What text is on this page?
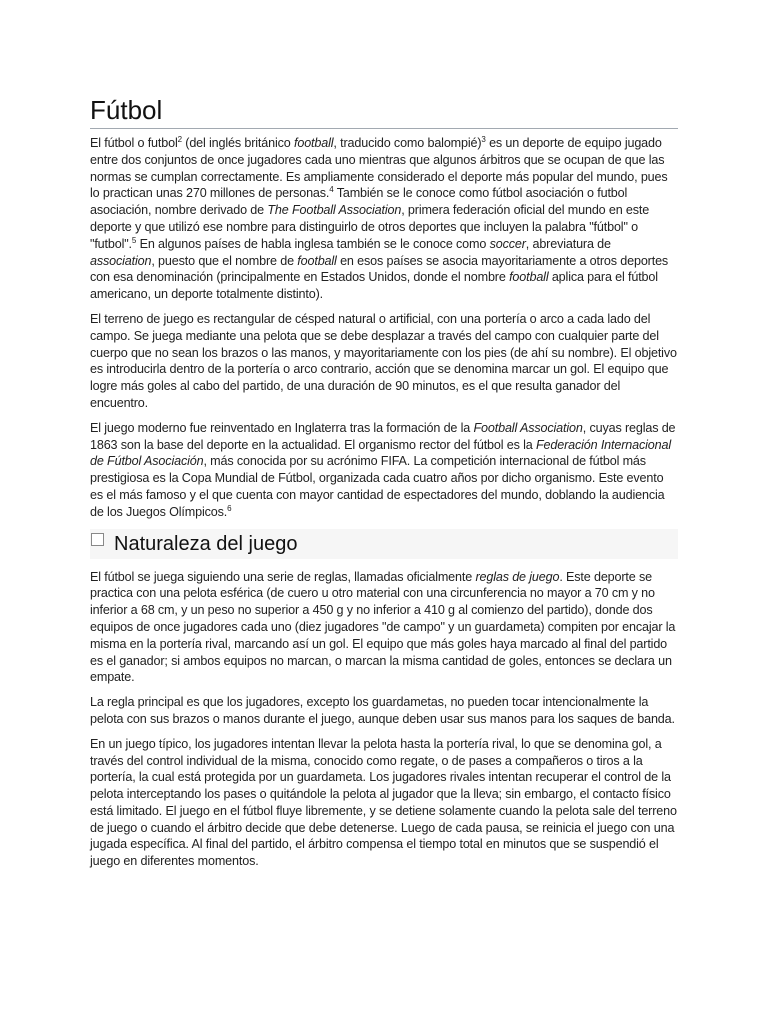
Fútbol

El fútbol o futbol$^2$ (del inglés británico football, traducido como balompié)$^3$ es un deporte de equipo jugado entre dos conjuntos de once jugadores cada uno mientras que algunos árbitros que se ocupan de que las normas se cumplan correctamente. Es ampliamente considerado el deporte más popular del mundo, pues lo practican unas 270 millones de personas.$^4$ También se le conoce como fútbol asociación o futbol asociación, nombre derivado de The Football Association, primera federación oficial del mundo en este deporte y que utilizó ese nombre para distinguirlo de otros deportes que incluyen la palabra "fútbol" o "futbol".$^5$ En algunos países de habla inglesa también se le conoce como soccer, abreviatura de association, puesto que el nombre de football en esos países se asocia mayoritariamente a otros deportes con esa denominación (principalmente en Estados Unidos, donde el nombre football aplica para el fútbol americano, un deporte totalmente distinto).

El terreno de juego es rectangular de césped natural o artificial, con una portería o arco a cada lado del campo. Se juega mediante una pelota que se debe desplazar a través del campo con cualquier parte del cuerpo que no sean los brazos o las manos, y mayoritariamente con los pies (de ahí su nombre). El objetivo es introducirla dentro de la portería o arco contrario, acción que se denomina marcar un gol. El equipo que logre más goles al cabo del partido, de una duración de 90 minutos, es el que resulta ganador del encuentro.

El juego moderno fue reinventado en Inglaterra tras la formación de la Football Association, cuyas reglas de 1863 son la base del deporte en la actualidad. El organismo rector del fútbol es la Federación Internacional de Fútbol Asociación, más conocida por su acrónimo FIFA. La competición internacional de fútbol más prestigiosa es la Copa Mundial de Fútbol, organizada cada cuatro años por dicho organismo. Este evento es el más famoso y el que cuenta con mayor cantidad de espectadores del mundo, doblando la audiencia de los Juegos Olímpicos.$^6$

Naturaleza del juego

El fútbol se juega siguiendo una serie de reglas, llamadas oficialmente reglas de juego. Este deporte se practica con una pelota esférica (de cuero u otro material con una circunferencia no mayor a 70 cm y no inferior a 68 cm, y un peso no superior a 450 g y no inferior a 410 g al comienzo del partido), donde dos equipos de once jugadores cada uno (diez jugadores "de campo" y un guardameta) compiten por encajar la misma en la portería rival, marcando así un gol. El equipo que más goles haya marcado al final del partido es el ganador; si ambos equipos no marcan, o marcan la misma cantidad de goles, entonces se declara un empate.

La regla principal es que los jugadores, excepto los guardametas, no pueden tocar intencionalmente la pelota con sus brazos o manos durante el juego, aunque deben usar sus manos para los saques de banda.

En un juego típico, los jugadores intentan llevar la pelota hasta la portería rival, lo que se denomina gol, a través del control individual de la misma, conocido como regate, o de pases a compañeros o tiros a la portería, la cual está protegida por un guardameta. Los jugadores rivales intentan recuperar el control de la pelota interceptando los pases o quitándole la pelota al jugador que la lleva; sin embargo, el contacto físico está limitado. El juego en el fútbol fluye libremente, y se detiene solamente cuando la pelota sale del terreno de juego o cuando el árbitro decide que debe detenerse. Luego de cada pausa, se reinicia el juego con una jugada específica. Al final del partido, el árbitro compensa el tiempo total en minutos que se suspendió el juego en diferentes momentos.
